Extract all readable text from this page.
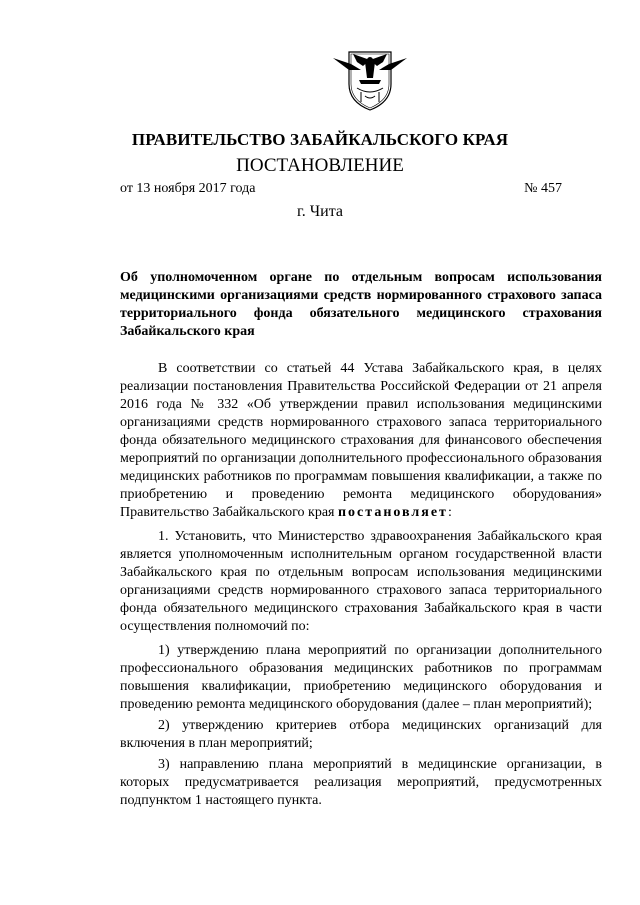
ПРАВИТЕЛЬСТВО ЗАБАЙКАЛЬСКОГО КРАЯ
ПОСТАНОВЛЕНИЕ
от 13 ноября 2017 года	№ 457
г. Чита
Об уполномоченном органе по отдельным вопросам использования медицинскими организациями средств нормированного страхового запаса территориального фонда обязательного медицинского страхования Забайкальского края

В соответствии со статьей 44 Устава Забайкальского края, в целях реализации постановления Правительства Российской Федерации от 21 апреля 2016 года № 332 «Об утверждении правил использования медицинскими организациями средств нормированного страхового запаса территориального фонда обязательного медицинского страхования для финансового обеспечения мероприятий по организации дополнительного профессионального образования медицинских работников по программам повышения квалификации, а также по приобретению и проведению ремонта медицинского оборудования» Правительство Забайкальского края постановляет:

1. Установить, что Министерство здравоохранения Забайкальского края является уполномоченным исполнительным органом государственной власти Забайкальского края по отдельным вопросам использования медицинскими организациями средств нормированного страхового запаса территориального фонда обязательного медицинского страхования Забайкальского края в части осуществления полномочий по:

1) утверждению плана мероприятий по организации дополнительного профессионального образования медицинских работников по программам повышения квалификации, приобретению медицинского оборудования и проведению ремонта медицинского оборудования (далее – план мероприятий);

2) утверждению критериев отбора медицинских организаций для включения в план мероприятий;

3) направлению плана мероприятий в медицинские организации, в которых предусматривается реализация мероприятий, предусмотренных подпунктом 1 настоящего пункта.
